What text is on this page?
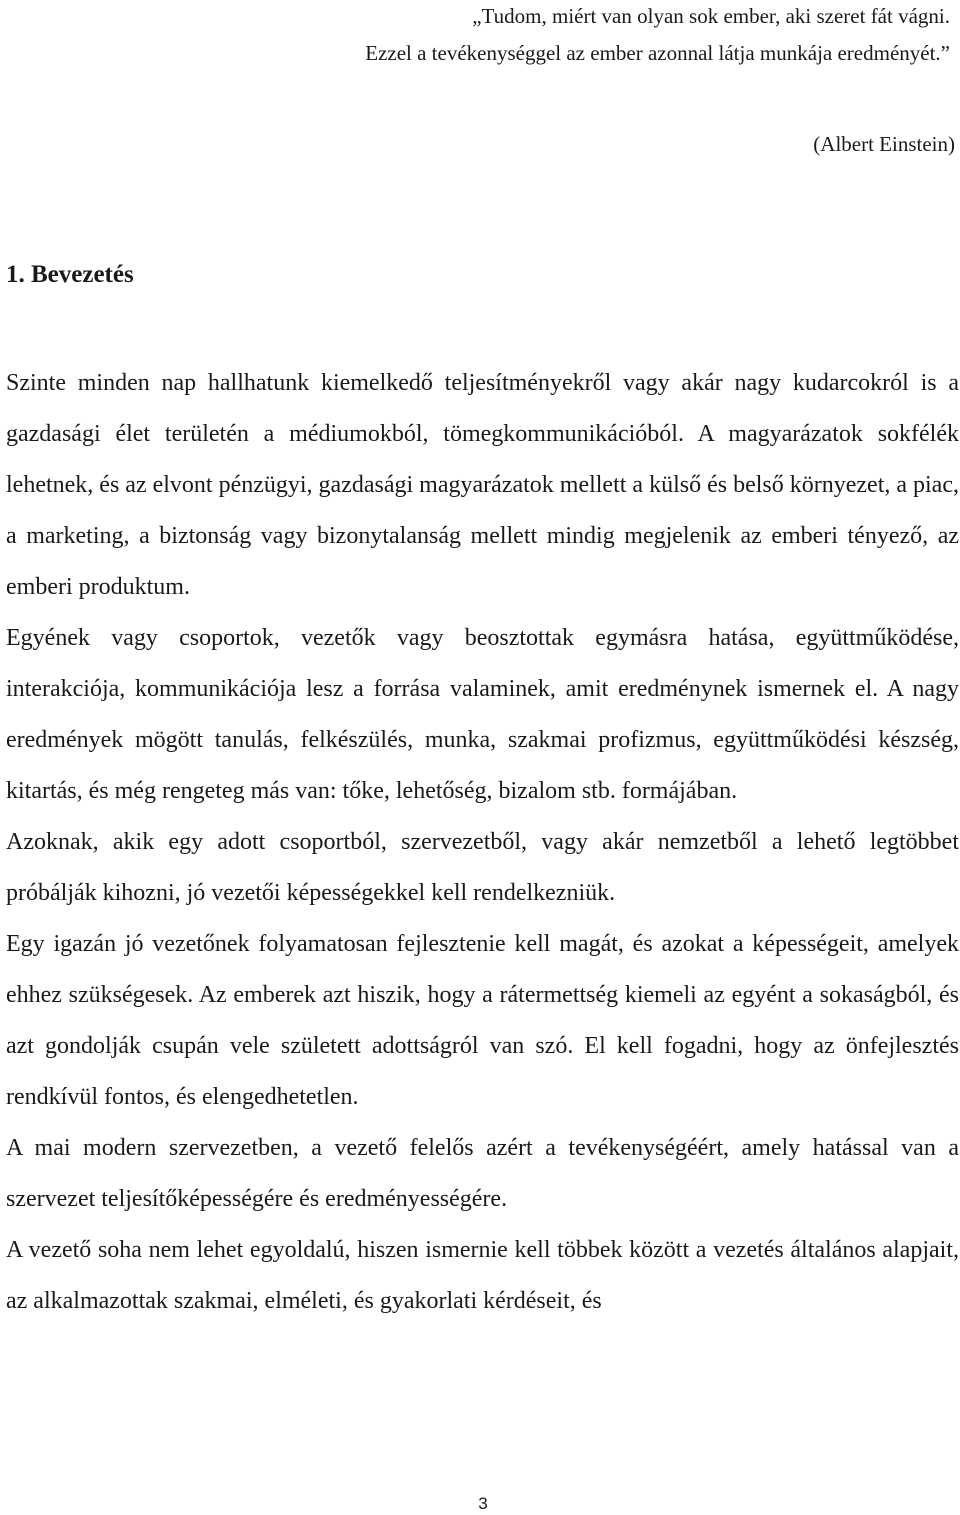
„Tudom, miért van olyan sok ember, aki szeret fát vágni.
Ezzel a tevékenységgel az ember azonnal látja munkája eredményét.”
(Albert Einstein)
1. Bevezetés

Szinte minden nap hallhatunk kiemelkedő teljesítményekről vagy akár nagy kudarcokról is a gazdasági élet területén a médiumokból, tömegkommunikációból. A magyarázatok sokfélék lehetnek, és az elvont pénzügyi, gazdasági magyarázatok mellett a külső és belső környezet, a piac, a marketing, a biztonság vagy bizonytalanság mellett mindig megjelenik az emberi tényező, az emberi produktum.

Egyének vagy csoportok, vezetők vagy beosztottak egymásra hatása, együttműködése, interakciója, kommunikációja lesz a forrása valaminek, amit eredménynek ismernek el. A nagy eredmények mögött tanulás, felkészülés, munka, szakmai profizmus, együttműködési készség, kitartás, és még rengeteg más van: tőke, lehetőség, bizalom stb. formájában.

Azoknak, akik egy adott csoportból, szervezetből, vagy akár nemzetből a lehető legtöbbet próbálják kihozni, jó vezetői képességekkel kell rendelkezniük.

Egy igazán jó vezetőnek folyamatosan fejlesztenie kell magát, és azokat a képességeit, amelyek ehhez szükségesek. Az emberek azt hiszik, hogy a rátermettség kiemeli az egyént a sokaságból, és azt gondolják csupán vele született adottságról van szó. El kell fogadni, hogy az önfejlesztés rendkívül fontos, és elengedhetetlen.

A mai modern szervezetben, a vezető felelős azért a tevékenységéért, amely hatással van a szervezet teljesítőképességére és eredményességére.

A vezető soha nem lehet egyoldalú, hiszen ismernie kell többek között a vezetés általános alapjait, az alkalmazottak szakmai, elméleti, és gyakorlati kérdéseit, és

3
